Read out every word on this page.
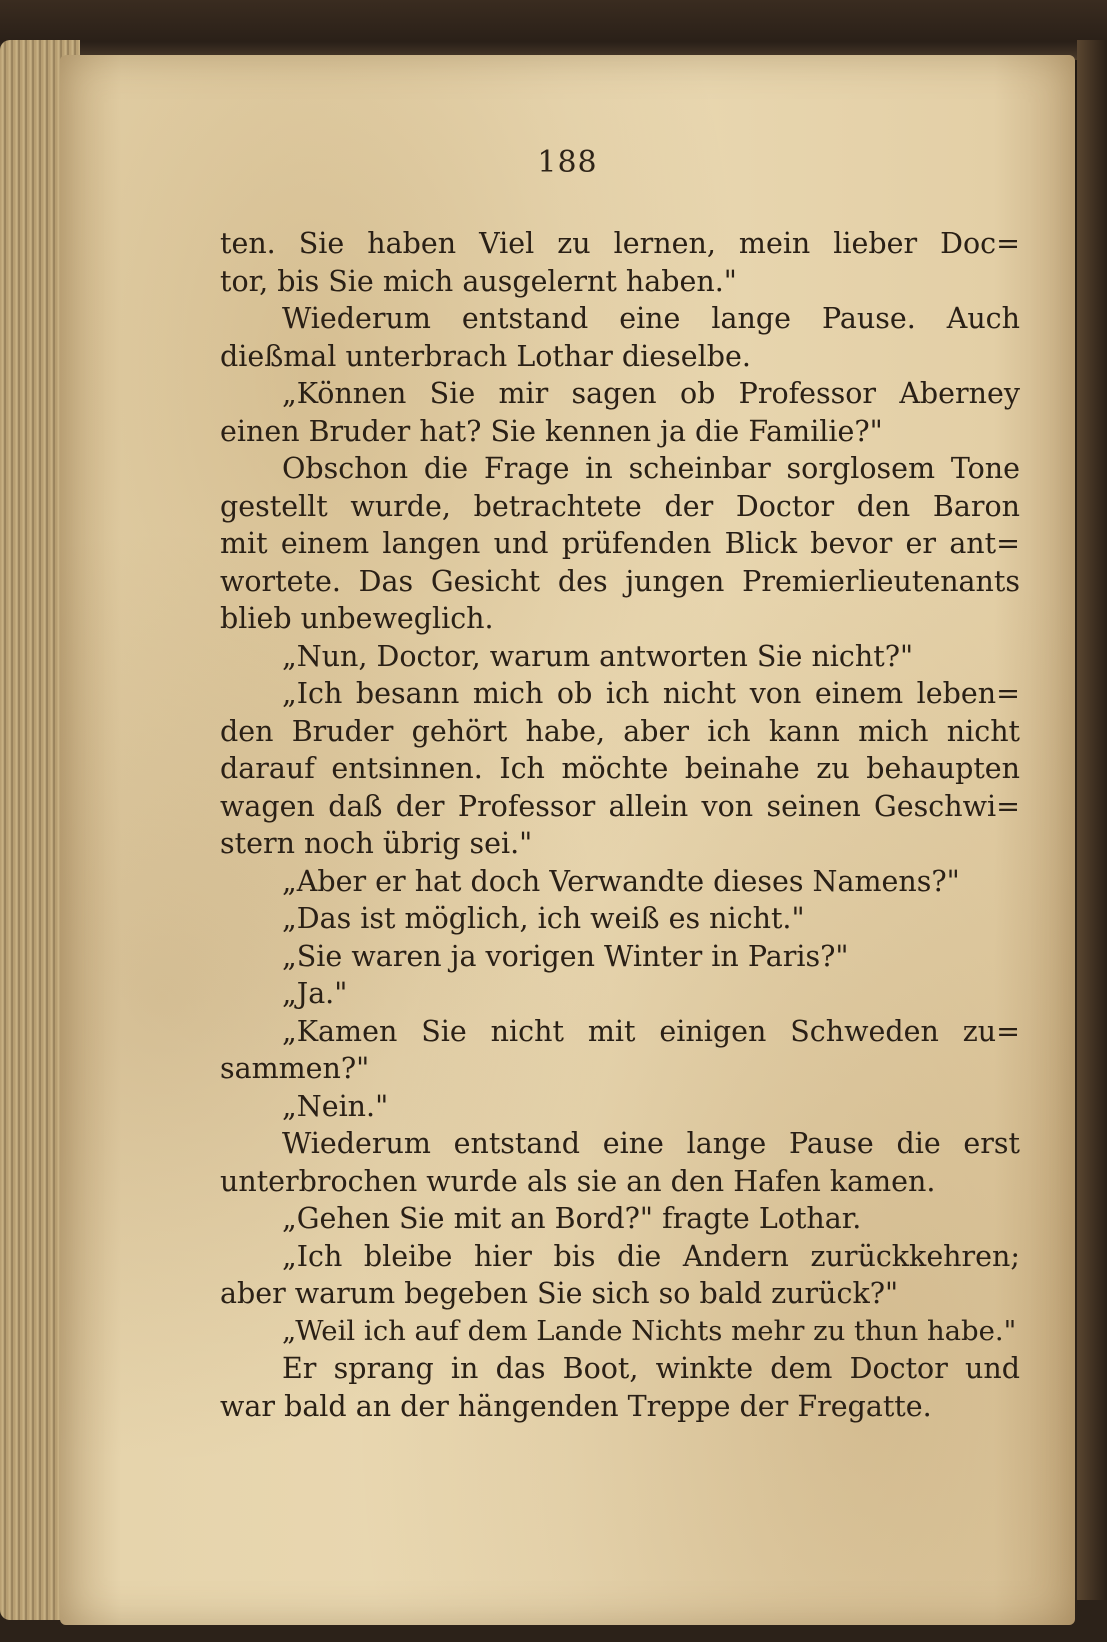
188
ten. Sie haben Viel zu lernen, mein lieber Doc=
tor, bis Sie mich ausgelernt haben."
Wiederum entstand eine lange Pause. Auch
dießmal unterbrach Lothar dieselbe.
„Können Sie mir sagen ob Professor Aberney
einen Bruder hat? Sie kennen ja die Familie?"
Obschon die Frage in scheinbar sorglosem Tone
gestellt wurde, betrachtete der Doctor den Baron
mit einem langen und prüfenden Blick bevor er ant=
wortete. Das Gesicht des jungen Premierlieutenants
blieb unbeweglich.
„Nun, Doctor, warum antworten Sie nicht?"
„Ich besann mich ob ich nicht von einem leben=
den Bruder gehört habe, aber ich kann mich nicht
darauf entsinnen. Ich möchte beinahe zu behaupten
wagen daß der Professor allein von seinen Geschwi=
stern noch übrig sei."
„Aber er hat doch Verwandte dieses Namens?"
„Das ist möglich, ich weiß es nicht."
„Sie waren ja vorigen Winter in Paris?"
„Ja."
„Kamen Sie nicht mit einigen Schweden zu=
sammen?"
„Nein."
Wiederum entstand eine lange Pause die erst
unterbrochen wurde als sie an den Hafen kamen.
„Gehen Sie mit an Bord?" fragte Lothar.
„Ich bleibe hier bis die Andern zurückkehren;
aber warum begeben Sie sich so bald zurück?"
„Weil ich auf dem Lande Nichts mehr zu thun habe."
Er sprang in das Boot, winkte dem Doctor und
war bald an der hängenden Treppe der Fregatte.
